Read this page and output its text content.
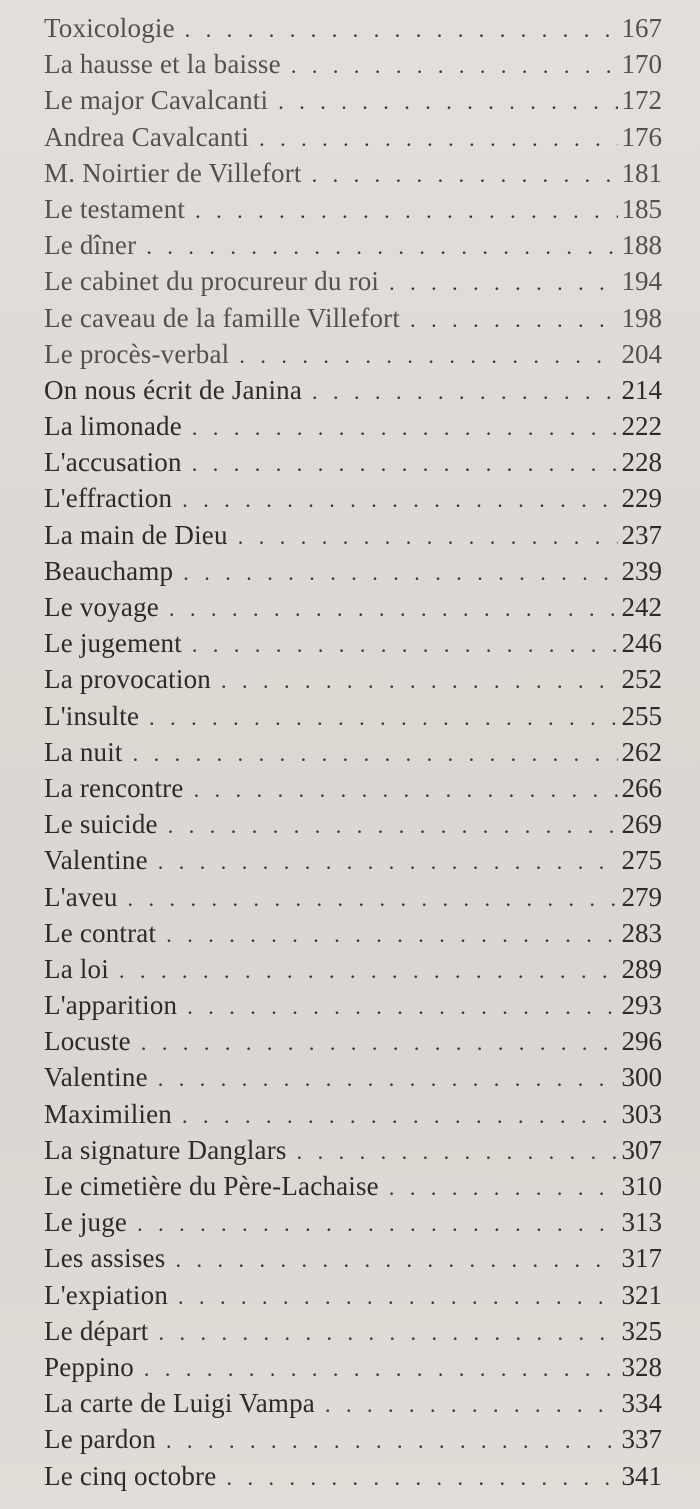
Toxicologie . . .	167
La hausse et la baisse . . .	170
Le major Cavalcanti . . .	172
Andrea Cavalcanti . . .	176
M. Noirtier de Villefort . . .	181
Le testament . . .	185
Le dîner . . .	188
Le cabinet du procureur du roi . . .	194
Le caveau de la famille Villefort . . .	198
Le procès-verbal . . .	204
On nous écrit de Janina . . .	214
La limonade . . .	222
L'accusation . . .	228
L'effraction . . .	229
La main de Dieu . . .	237
Beauchamp . . .	239
Le voyage . . .	242
Le jugement . . .	246
La provocation . . .	252
L'insulte . . .	255
La nuit . . .	262
La rencontre . . .	266
Le suicide . . .	269
Valentine . . .	275
L'aveu . . .	279
Le contrat . . .	283
La loi . . .	289
L'apparition . . .	293
Locuste . . .	296
Valentine . . .	300
Maximilien . . .	303
La signature Danglars . . .	307
Le cimetière du Père-Lachaise . . .	310
Le juge . . .	313
Les assises . . .	317
L'expiation . . .	321
Le départ . . .	325
Peppino . . .	328
La carte de Luigi Vampa . . .	334
Le pardon . . .	337
Le cinq octobre . . .	341
